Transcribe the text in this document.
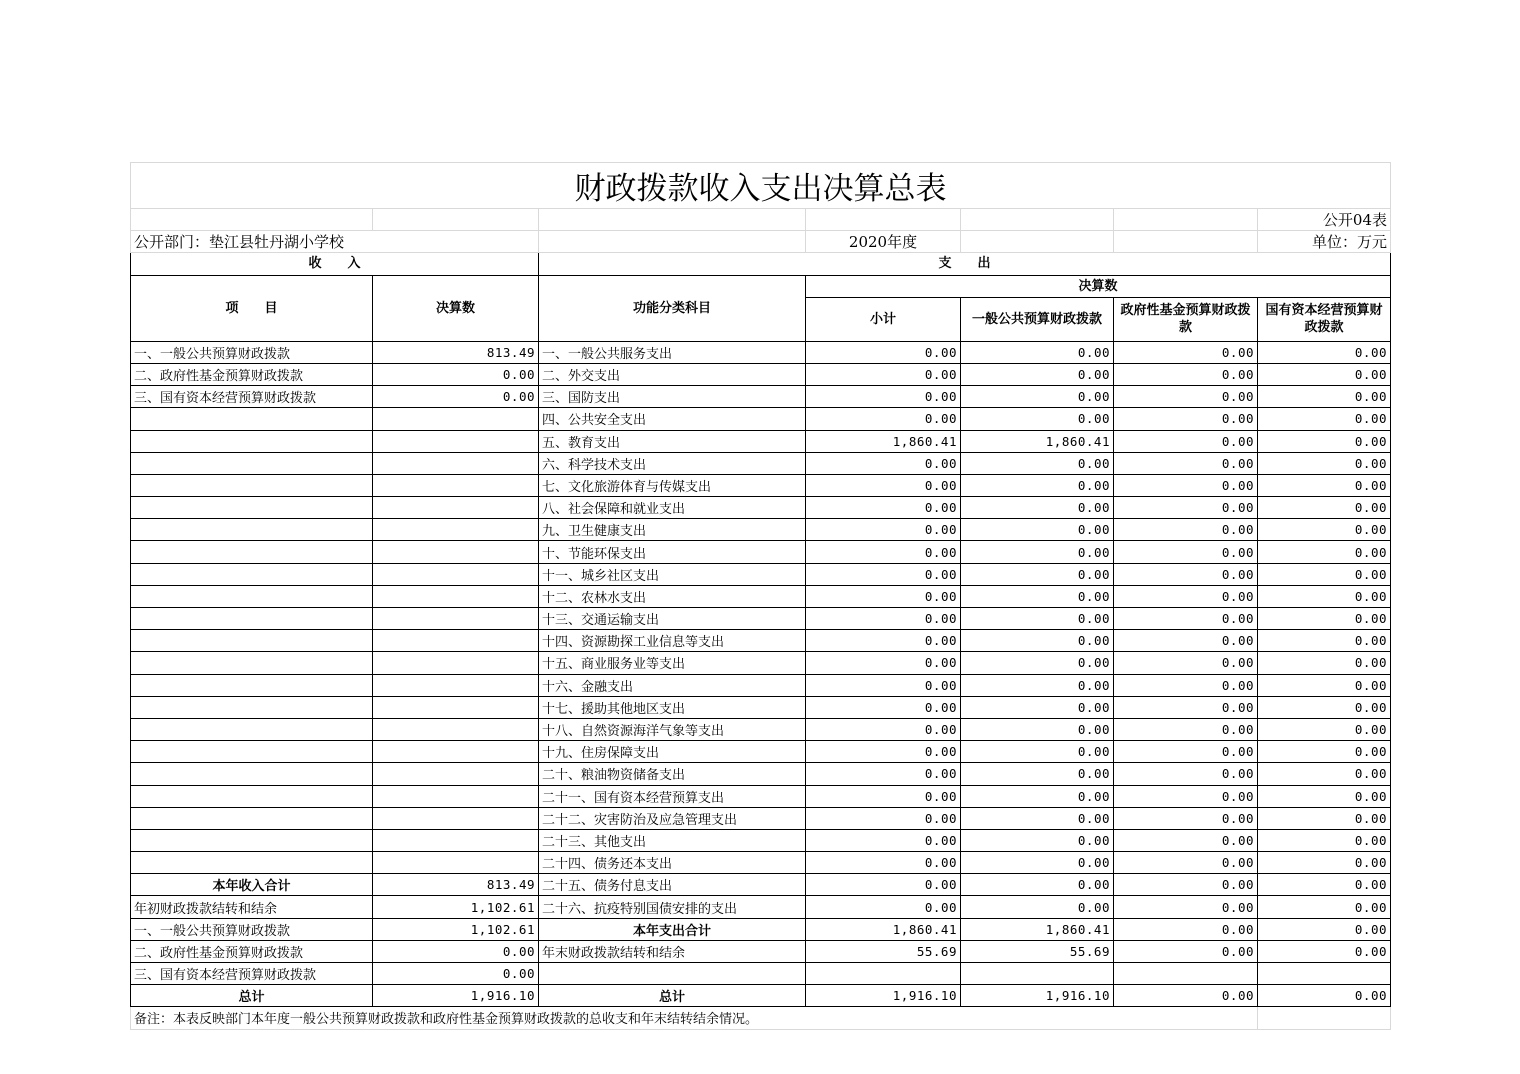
财政拨款收入支出决算总表						
						公开04表
公开部门：垫江县牡丹湖小学校			2020年度			单位：万元
收　　入		支　　出				
项　　目	决算数	功能分类科目	决算数			
			小计	一般公共预算财政拨款	政府性基金预算财政拨款	国有资本经营预算财政拨款
一、一般公共预算财政拨款	813.49	一、一般公共服务支出	0.00	0.00	0.00	0.00
二、政府性基金预算财政拨款	0.00	二、外交支出	0.00	0.00	0.00	0.00
三、国有资本经营预算财政拨款	0.00	三、国防支出	0.00	0.00	0.00	0.00
		四、公共安全支出	0.00	0.00	0.00	0.00
		五、教育支出	1,860.41	1,860.41	0.00	0.00
		六、科学技术支出	0.00	0.00	0.00	0.00
		七、文化旅游体育与传媒支出	0.00	0.00	0.00	0.00
		八、社会保障和就业支出	0.00	0.00	0.00	0.00
		九、卫生健康支出	0.00	0.00	0.00	0.00
		十、节能环保支出	0.00	0.00	0.00	0.00
		十一、城乡社区支出	0.00	0.00	0.00	0.00
		十二、农林水支出	0.00	0.00	0.00	0.00
		十三、交通运输支出	0.00	0.00	0.00	0.00
		十四、资源勘探工业信息等支出	0.00	0.00	0.00	0.00
		十五、商业服务业等支出	0.00	0.00	0.00	0.00
		十六、金融支出	0.00	0.00	0.00	0.00
		十七、援助其他地区支出	0.00	0.00	0.00	0.00
		十八、自然资源海洋气象等支出	0.00	0.00	0.00	0.00
		十九、住房保障支出	0.00	0.00	0.00	0.00
		二十、粮油物资储备支出	0.00	0.00	0.00	0.00
		二十一、国有资本经营预算支出	0.00	0.00	0.00	0.00
		二十二、灾害防治及应急管理支出	0.00	0.00	0.00	0.00
		二十三、其他支出	0.00	0.00	0.00	0.00
		二十四、债务还本支出	0.00	0.00	0.00	0.00
本年收入合计	813.49	二十五、债务付息支出	0.00	0.00	0.00	0.00
年初财政拨款结转和结余	1,102.61	二十六、抗疫特别国债安排的支出	0.00	0.00	0.00	0.00
一、一般公共预算财政拨款	1,102.61	本年支出合计	1,860.41	1,860.41	0.00	0.00
二、政府性基金预算财政拨款	0.00	年末财政拨款结转和结余	55.69	55.69	0.00	0.00
三、国有资本经营预算财政拨款	0.00					
总计	1,916.10	总计	1,916.10	1,916.10	0.00	0.00
备注：本表反映部门本年度一般公共预算财政拨款和政府性基金预算财政拨款的总收支和年末结转结余情况。						
